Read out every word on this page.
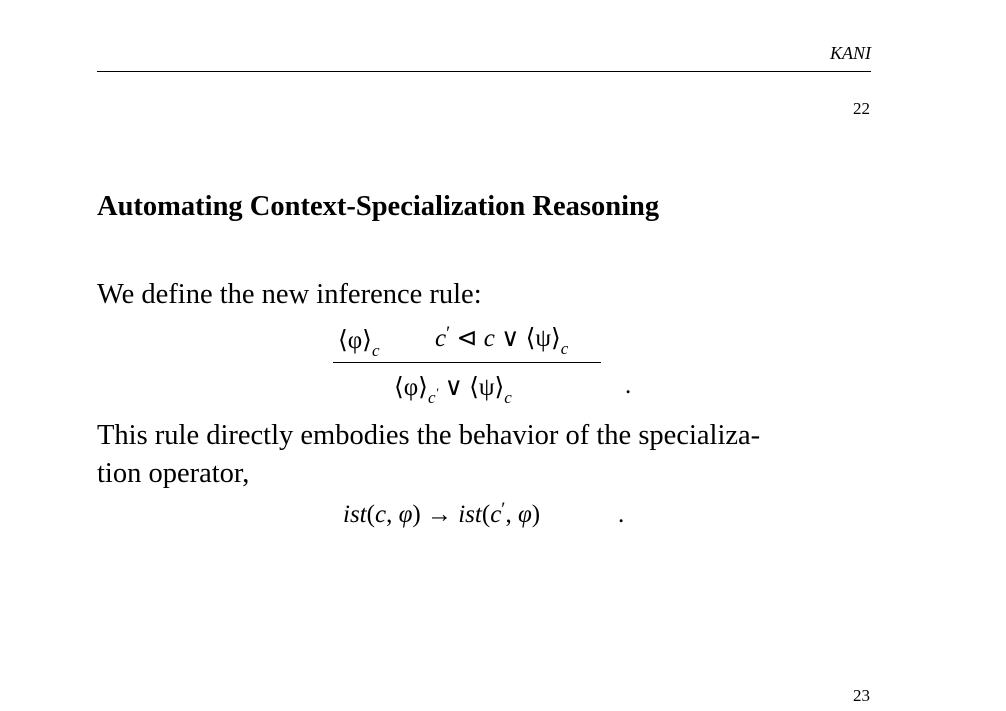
KANI
22
Automating Context-Specialization Reasoning
We define the new inference rule:
$⟨\varphi⟩_c$ c′ ⊲ c ∨ $⟨\psi⟩_c$
$⟨\varphi⟩_{c'}$ ∨ $⟨\psi⟩_c$	.
This rule directly embodies the behavior of the specializa-
tion operator,
ist(c, φ) → ist(c′, φ)	.
23
